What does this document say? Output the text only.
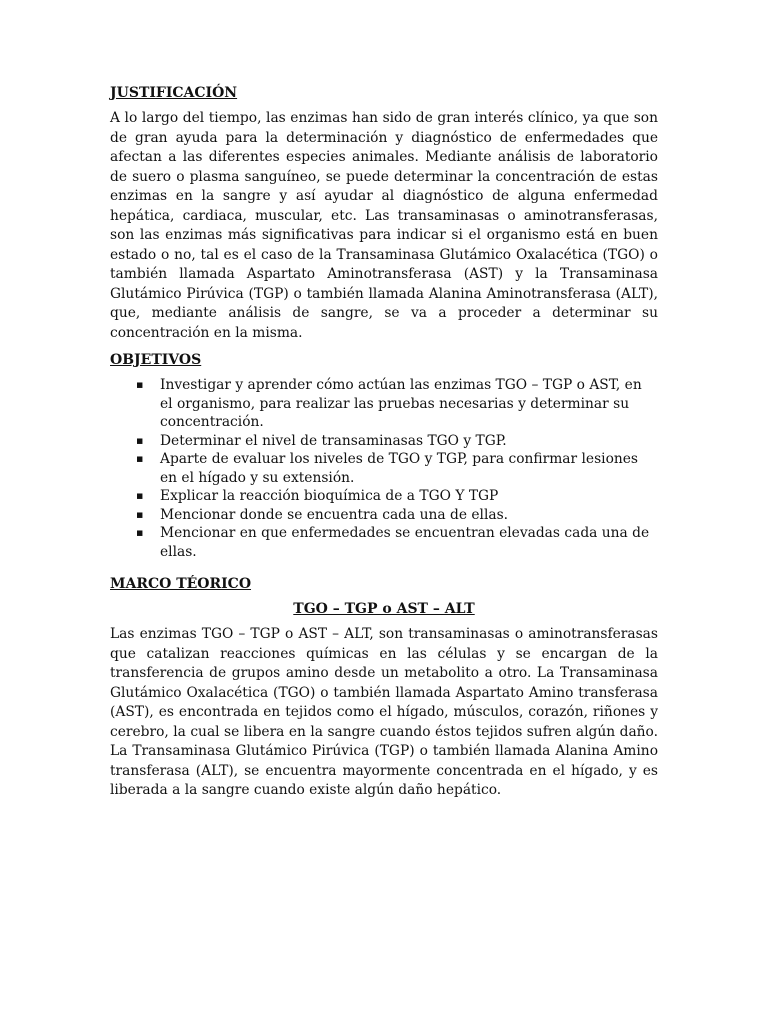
JUSTIFICACIÓN

A lo largo del tiempo, las enzimas han sido de gran interés clínico, ya que son de gran ayuda para la determinación y diagnóstico de enfermedades que afectan a las diferentes especies animales. Mediante análisis de laboratorio de suero o plasma sanguíneo, se puede determinar la concentración de estas enzimas en la sangre y así ayudar al diagnóstico de alguna enfermedad hepática, cardiaca, muscular, etc. Las transaminasas o aminotransferasas, son las enzimas más significativas para indicar si el organismo está en buen estado o no, tal es el caso de la Transaminasa Glutámico Oxalacética (TGO) o también llamada Aspartato Aminotransferasa (AST) y la Transaminasa Glutámico Pirúvica (TGP) o también llamada Alanina Aminotransferasa (ALT), que, mediante análisis de sangre, se va a proceder a determinar su concentración en la misma.

OBJETIVOS

▪ Investigar y aprender cómo actúan las enzimas TGO – TGP o AST, en el organismo, para realizar las pruebas necesarias y determinar su concentración.
▪ Determinar el nivel de transaminasas TGO y TGP.
▪ Aparte de evaluar los niveles de TGO y TGP, para confirmar lesiones en el hígado y su extensión.
▪ Explicar la reacción bioquímica de a TGO Y TGP
▪ Mencionar donde se encuentra cada una de ellas.
▪ Mencionar en que enfermedades se encuentran elevadas cada una de ellas.

MARCO TÉORICO

TGO – TGP o AST – ALT

Las enzimas TGO – TGP o AST – ALT, son transaminasas o aminotransferasas que catalizan reacciones químicas en las células y se encargan de la transferencia de grupos amino desde un metabolito a otro. La Transaminasa Glutámico Oxalacética (TGO) o también llamada Aspartato Amino transferasa (AST), es encontrada en tejidos como el hígado, músculos, corazón, riñones y cerebro, la cual se libera en la sangre cuando éstos tejidos sufren algún daño. La Transaminasa Glutámico Pirúvica (TGP) o también llamada Alanina Amino transferasa (ALT), se encuentra mayormente concentrada en el hígado, y es liberada a la sangre cuando existe algún daño hepático.
